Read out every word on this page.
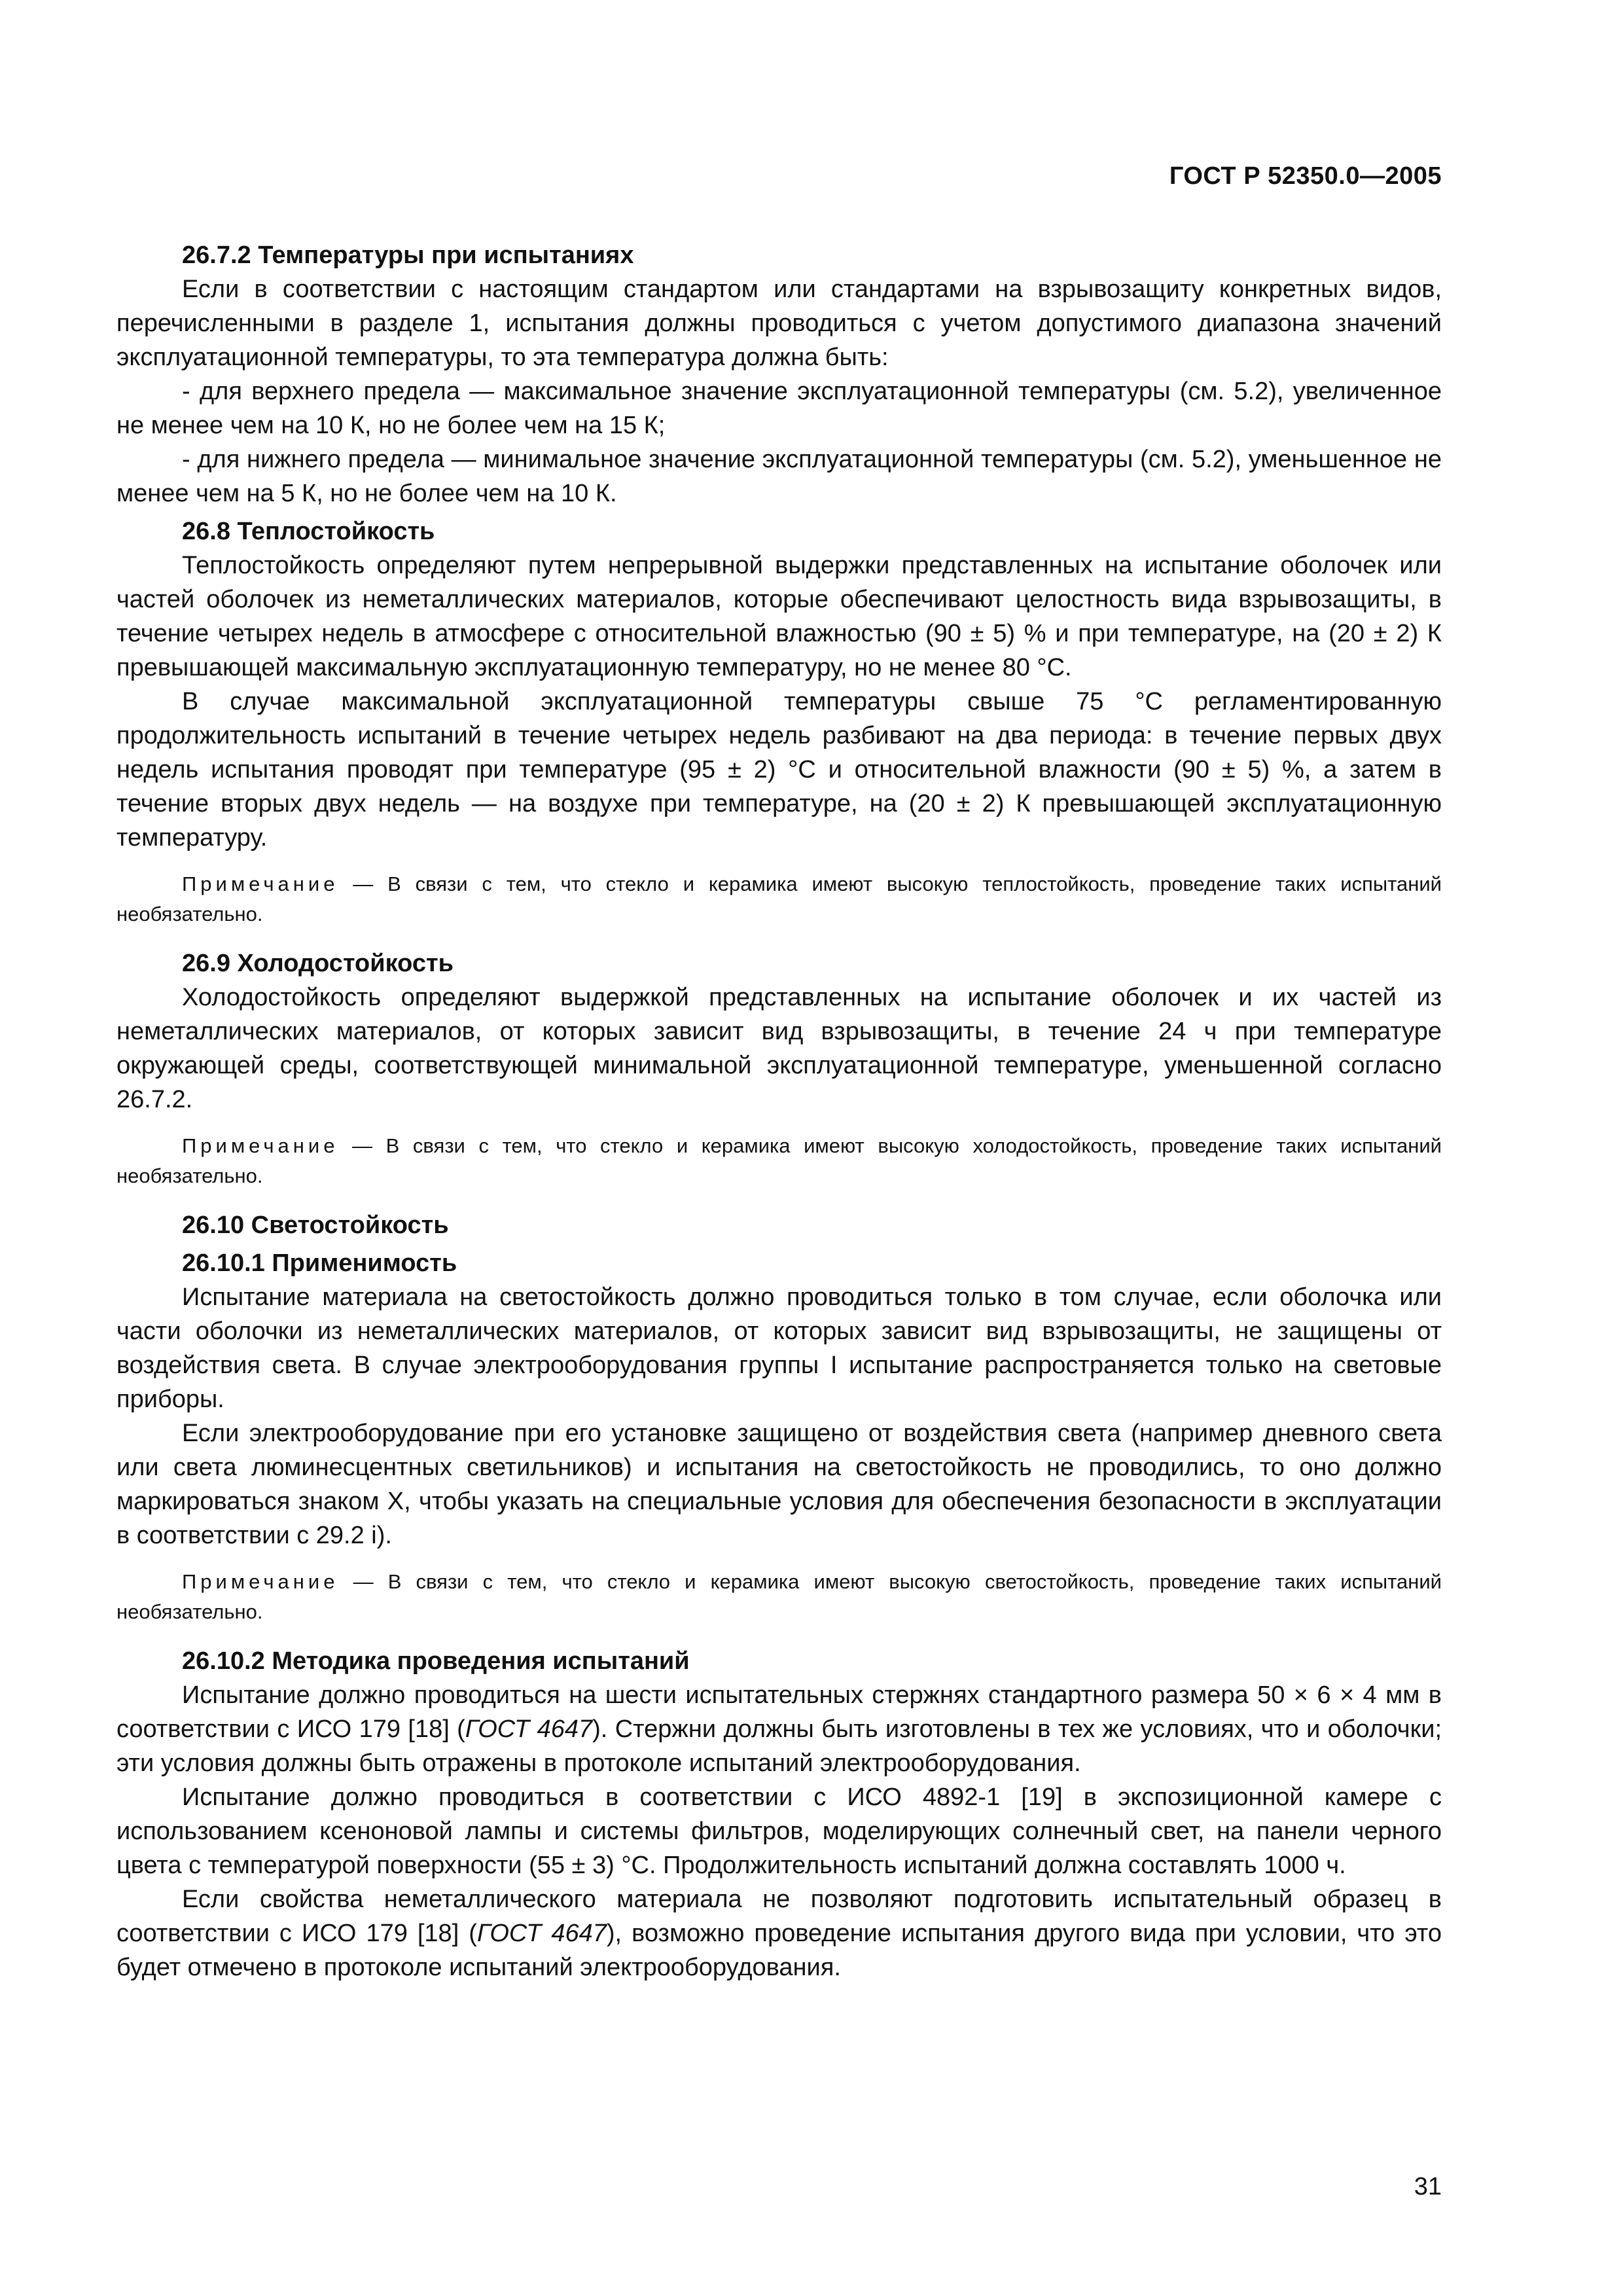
ГОСТ Р 52350.0—2005
26.7.2 Температуры при испытаниях

Если в соответствии с настоящим стандартом или стандартами на взрывозащиту конкретных видов, перечисленными в разделе 1, испытания должны проводиться с учетом допустимого диапазона значений эксплуатационной температуры, то эта температура должна быть:

- для верхнего предела — максимальное значение эксплуатационной температуры (см. 5.2), увеличенное не менее чем на 10 К, но не более чем на 15 К;

- для нижнего предела — минимальное значение эксплуатационной температуры (см. 5.2), уменьшенное не менее чем на 5 К, но не более чем на 10 К.

26.8 Теплостойкость

Теплостойкость определяют путем непрерывной выдержки представленных на испытание оболочек или частей оболочек из неметаллических материалов, которые обеспечивают целостность вида взрывозащиты, в течение четырех недель в атмосфере с относительной влажностью (90 ± 5) % и при температуре, на (20 ± 2) К превышающей максимальную эксплуатационную температуру, но не менее 80 °С.

В случае максимальной эксплуатационной температуры свыше 75 °С регламентированную продолжительность испытаний в течение четырех недель разбивают на два периода: в течение первых двух недель испытания проводят при температуре (95 ± 2) °С и относительной влажности (90 ± 5) %, а затем в течение вторых двух недель — на воздухе при температуре, на (20 ± 2) К превышающей эксплуатационную температуру.

Примечание — В связи с тем, что стекло и керамика имеют высокую теплостойкость, проведение таких испытаний необязательно.

26.9 Холодостойкость

Холодостойкость определяют выдержкой представленных на испытание оболочек и их частей из неметаллических материалов, от которых зависит вид взрывозащиты, в течение 24 ч при температуре окружающей среды, соответствующей минимальной эксплуатационной температуре, уменьшенной согласно 26.7.2.

Примечание — В связи с тем, что стекло и керамика имеют высокую холодостойкость, проведение таких испытаний необязательно.

26.10 Светостойкость
26.10.1 Применимость

Испытание материала на светостойкость должно проводиться только в том случае, если оболочка или части оболочки из неметаллических материалов, от которых зависит вид взрывозащиты, не защищены от воздействия света. В случае электрооборудования группы I испытание распространяется только на световые приборы.

Если электрооборудование при его установке защищено от воздействия света (например дневного света или света люминесцентных светильников) и испытания на светостойкость не проводились, то оно должно маркироваться знаком X, чтобы указать на специальные условия для обеспечения безопасности в эксплуатации в соответствии с 29.2 i).

Примечание — В связи с тем, что стекло и керамика имеют высокую светостойкость, проведение таких испытаний необязательно.

26.10.2 Методика проведения испытаний

Испытание должно проводиться на шести испытательных стержнях стандартного размера 50 × 6 × 4 мм в соответствии с ИСО 179 [18] (ГОСТ 4647). Стержни должны быть изготовлены в тех же условиях, что и оболочки; эти условия должны быть отражены в протоколе испытаний электрооборудования.

Испытание должно проводиться в соответствии с ИСО 4892-1 [19] в экспозиционной камере с использованием ксеноновой лампы и системы фильтров, моделирующих солнечный свет, на панели черного цвета с температурой поверхности (55 ± 3) °С. Продолжительность испытаний должна составлять 1000 ч.

Если свойства неметаллического материала не позволяют подготовить испытательный образец в соответствии с ИСО 179 [18] (ГОСТ 4647), возможно проведение испытания другого вида при условии, что это будет отмечено в протоколе испытаний электрооборудования.

31
